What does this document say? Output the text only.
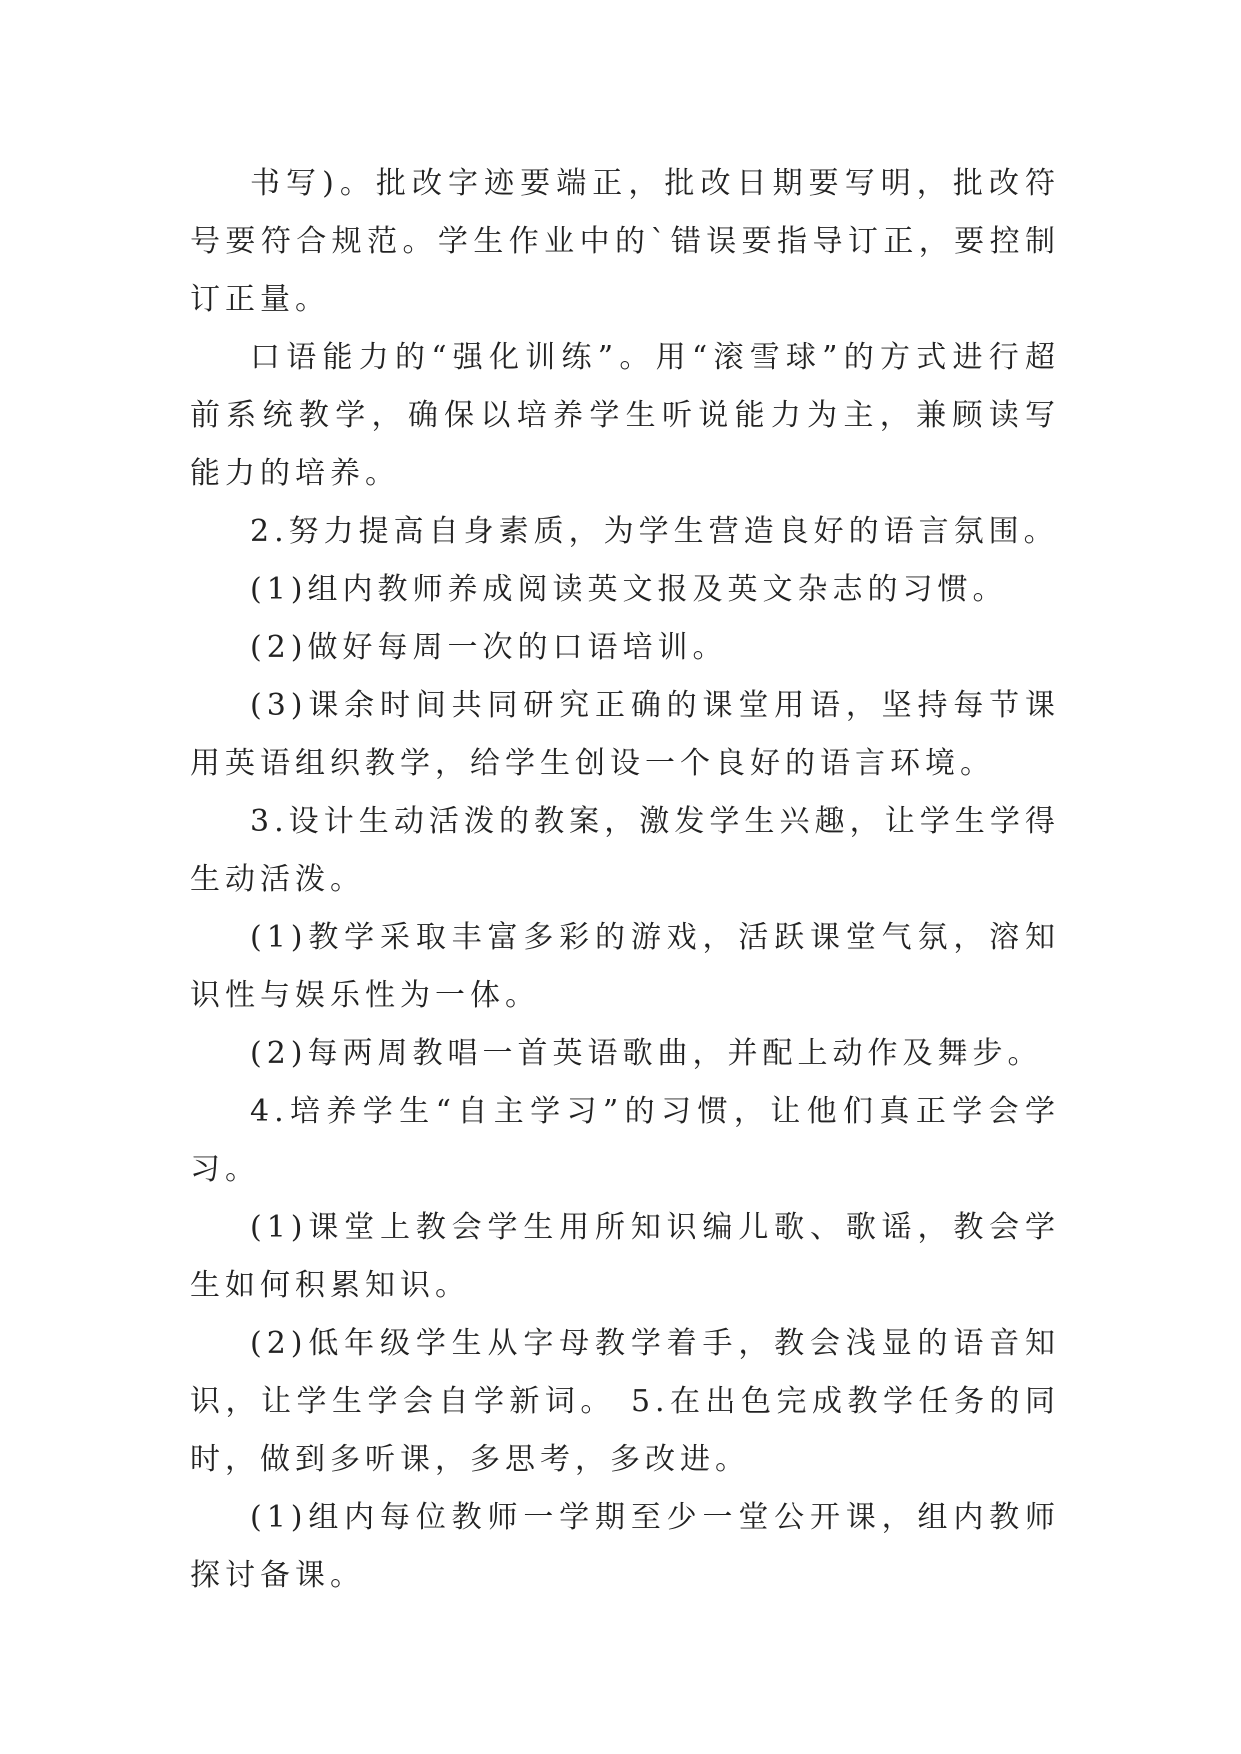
书写)。批改字迹要端正，批改日期要写明，批改符号要符合规范。学生作业中的`错误要指导订正，要控制订正量。

口语能力的“强化训练”。用“滚雪球”的方式进行超前系统教学，确保以培养学生听说能力为主，兼顾读写能力的培养。

2.努力提高自身素质，为学生营造良好的语言氛围。

(1)组内教师养成阅读英文报及英文杂志的习惯。

(2)做好每周一次的口语培训。

(3)课余时间共同研究正确的课堂用语，坚持每节课用英语组织教学，给学生创设一个良好的语言环境。

3.设计生动活泼的教案，激发学生兴趣，让学生学得生动活泼。

(1)教学采取丰富多彩的游戏，活跃课堂气氛，溶知识性与娱乐性为一体。

(2)每两周教唱一首英语歌曲，并配上动作及舞步。

4.培养学生“自主学习”的习惯，让他们真正学会学习。

(1)课堂上教会学生用所知识编儿歌、歌谣，教会学生如何积累知识。

(2)低年级学生从字母教学着手，教会浅显的语音知识，让学生学会自学新词。 5.在出色完成教学任务的同时，做到多听课，多思考，多改进。

(1)组内每位教师一学期至少一堂公开课，组内教师探讨备课。
